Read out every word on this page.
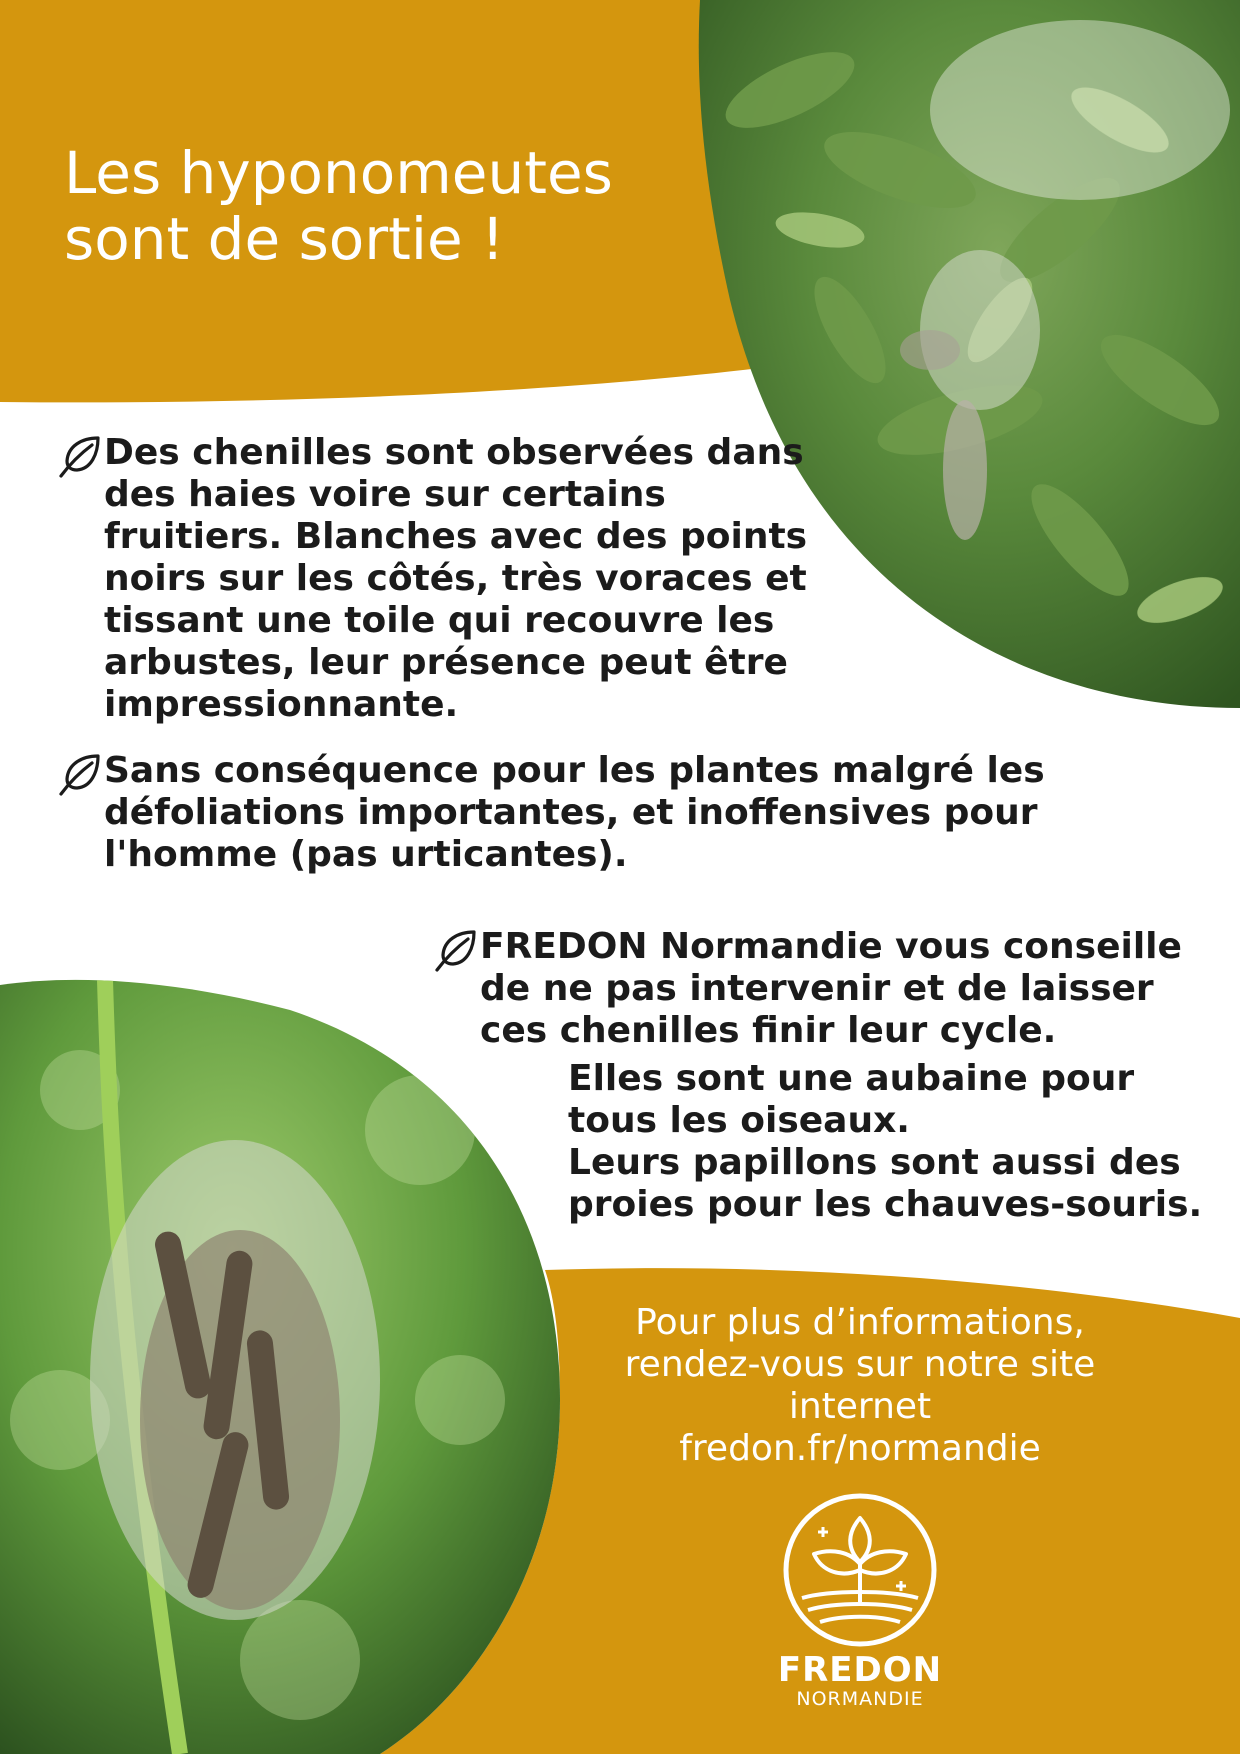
Les hyponomeutes
sont de sortie !
Des chenilles sont observées dans des haies voire sur certains fruitiers. Blanches avec des points noirs sur les côtés, très voraces et tissant une toile qui recouvre les arbustes, leur présence peut être impressionnante.
Sans conséquence pour les plantes malgré les défoliations importantes, et inoffensives pour l'homme (pas urticantes).
FREDON Normandie vous conseille de ne pas intervenir et de laisser ces chenilles finir leur cycle.

Elles sont une aubaine pour tous les oiseaux.

Leurs papillons sont aussi des proies pour les chauves-souris.

Pour plus d’informations,

rendez-vous sur notre site

internet

fredon.fr/normandie

FREDON
NORMANDIE
